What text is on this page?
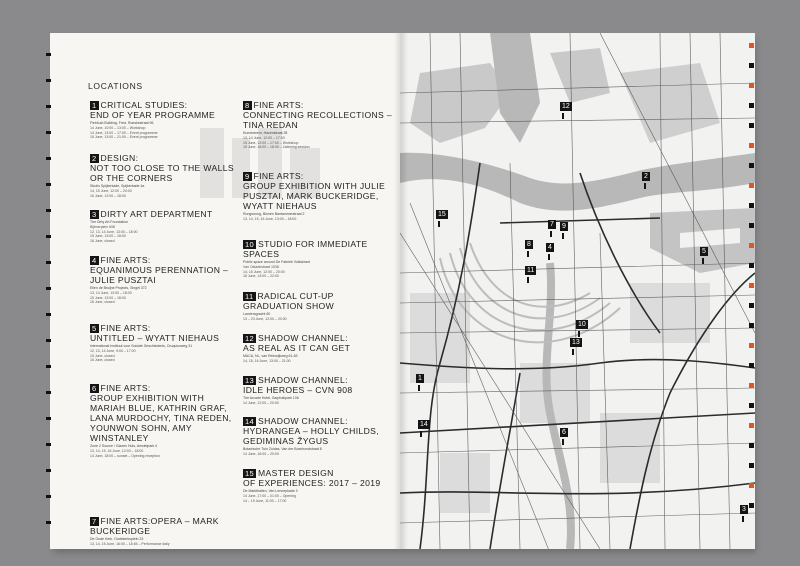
LOCATIONS
1 CRITICAL STUDIES:
END OF YEAR PROGRAMME
FieldLab Building, Fred. Roeskestraat 96
14 June, 10:00 – 13:00 – Workshop
14 June, 13:00 – 17:00 – Event programme
15 June, 13:00 – 21:00 – Event programme
2 DESIGN:
NOT TOO CLOSE TO THE WALLS OR THE CORNERS
Studio Spijkerkade, Spijkerkade 4a
14, 15 June, 12:00 – 20:00
16 June, 12:00 – 18:00
3 DIRTY ART DEPARTMENT
The Dirty Art Foundation
Bijlmerplein 698
12, 13, 14 June, 13:00 – 18:00
15 June, 13:00 – 18:00
16 June, closed
4 FINE ARTS:
EQUANIMOUS PERENNATION – JULIE PUSZTAI
Ellen de Bruijne Projects, Singel 372
13, 14 June, 13:00 – 18:00
15 June, 13:00 – 18:00
16 June, closed
5 FINE ARTS:
UNTITLED – WYATT NIEHAUS
International Instituut voor Sociale Geschiedenis, Cruquiusweg 31
12, 13, 14 June, 9:00 – 17:00
15 June, closed
16 June, closed
6 FINE ARTS:
GROUP EXHIBITION WITH MARIAH BLUE, KATHRIN GRAF, LANA MURDOCHY, TINA REDEN, YOUNWON SOHN, AMY WINSTANLEY
Zone 2 Source / Glazen Huis, Amstelpark 4
13, 14, 15, 16 June, 12:00 – 18:00
14 June, 18:00 – sunset – Opening reception
7 FINE ARTS:OPERA – MARK BUCKERIDGE
De Oude Kerk, Oudekerksplein 23
13, 14, 15 June, 16:00 – 18:45 – Performance daily
8 FINE ARTS:
CONNECTING RECOLLECTIONS – TINA REDAN
Kunstvereín, Hazenstraat 28
13, 14 June, 12:00 – 17:00
15 June, 12:00 – 17:00 – Workshop
15 June, 16:00 – 18:00 – Listening session
9 FINE ARTS:
GROUP EXHIBITION WITH JULIE PUSZTAI, MARK BUCKERIDGE, WYATT NIEHAUS
Rongwrong, Binnen Bantammerstraat 2
13, 14, 15, 16 June, 13:00 – 18:00
10 STUDIO FOR IMMEDIATE SPACES
Public space around De Fabriek Volkskrant
Van Ostadestraat 153D
14, 15 June, 12:00 – 20:00
16 June, 14:00 – 22:00
11 RADICAL CUT-UP
GRADUATION SHOW
Lauriersgracht 60
13 – 23 June, 12:00 – 20:00
12 SHADOW CHANNEL:
AS REAL AS IT CAN GET
MACA, NL, van Reinwijkweg 61-63
14, 15, 16 June, 13:00 – 21:00
13 SHADOW CHANNEL:
IDLE HEROES – CVN 908
The Arcade Hotel, Sarphatipark 106
14 June, 12:00 – 20:00
14 SHADOW CHANNEL:
HYDRANGEA – HOLLY CHILDS, GEDIMINAS ŽYGUS
Botanische Tuin Zuidas, Van der Boechorststraat 8
14 June, 16:00 – 20:00
15 MASTER DESIGN
OF EXPERIENCES: 2017 – 2019
De Markthallen, Van Lennepkade 3
14 June, 17:00 – 01:00 – Opening
14 – 19 June, 11:00 – 17:00
12
2
15
7 9
8 4
11
5
10
13
1
14
6
3
